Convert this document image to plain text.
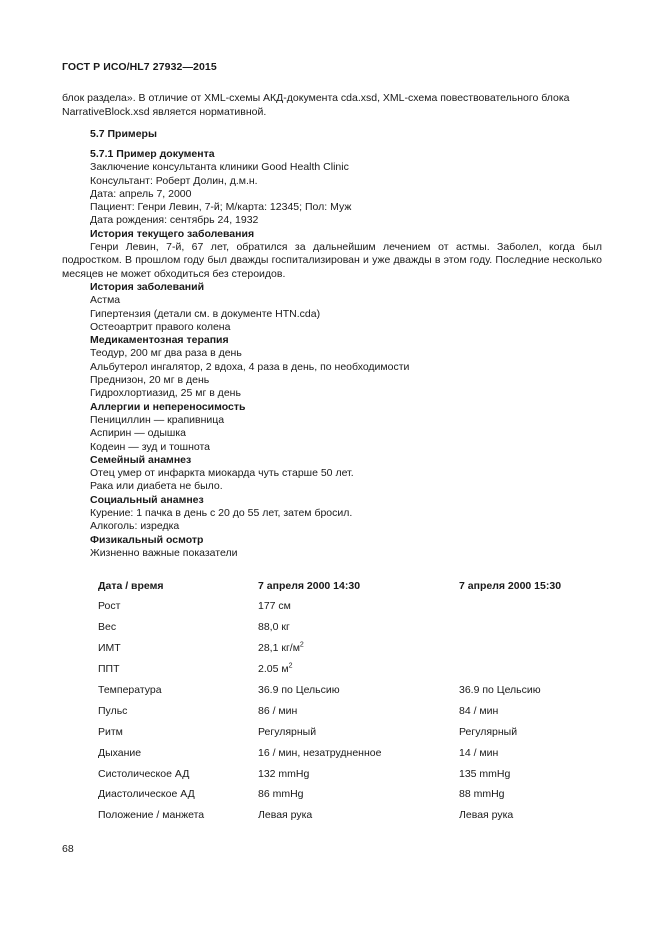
ГОСТ Р ИСО/HL7 27932—2015

блок раздела». В отличие от XML-схемы АКД-документа cda.xsd, XML-схема повествовательного блока

NarrativeBlock.xsd является нормативной.

5.7 Примеры
5.7.1 Пример документа
Заключение консультанта клиники Good Health Clinic
Консультант: Роберт Долин, д.м.н.
Дата: апрель 7, 2000
Пациент: Генри Левин, 7-й; М/карта: 12345; Пол: Муж
Дата рождения: сентябрь 24, 1932
История текущего заболевания
Генри Левин, 7-й, 67 лет, обратился за дальнейшим лечением от астмы. Заболел, когда был подростком. В прошлом году был дважды госпитализирован и уже дважды в этом году. Последние несколько месяцев не может обходиться без стероидов.
История заболеваний
Астма
Гипертензия (детали см. в документе HTN.cda)
Остеоартрит правого колена
Медикаментозная терапия
Теодур, 200 мг два раза в день
Альбутерол ингалятор, 2 вдоха, 4 раза в день, по необходимости
Преднизон, 20 мг в день
Гидрохлортиазид, 25 мг в день
Аллергии и непереносимость
Пенициллин — крапивница
Аспирин — одышка
Кодеин — зуд и тошнота
Семейный анамнез
Отец умер от инфаркта миокарда чуть старше 50 лет.
Рака или диабета не было.
Социальный анамнез
Курение: 1 пачка в день с 20 до 55 лет, затем бросил.
Алкоголь: изредка
Физикальный осмотр
Жизненно важные показатели
Дата / время	7 апреля 2000 14:30	7 апреля 2000 15:30
Рост	177 см	
Вес	88,0 кг	
ИМТ	28,1 $кг/м^2$	
ППТ	2.05 $м^2$	
Температура	36.9 по Цельсию	36.9 по Цельсию
Пульс	86 / мин	84 / мин
Ритм	Регулярный	Регулярный
Дыхание	16 / мин, незатрудненное	14 / мин
Систолическое АД	132 mmHg	135 mmHg
Диастолическое АД	86 mmHg	88 mmHg
Положение / манжета	Левая рука	Левая рука
68
